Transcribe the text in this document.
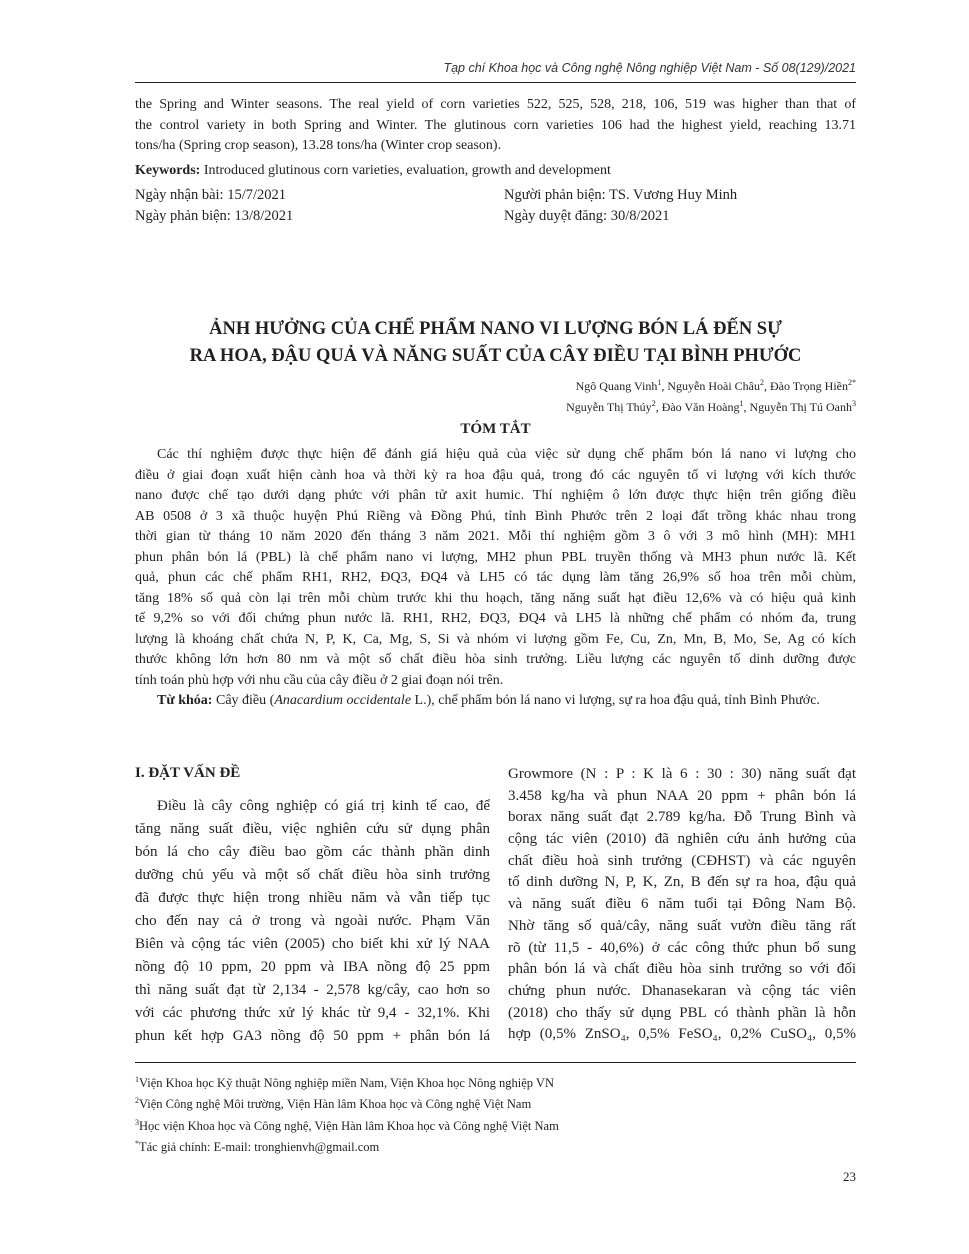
Tạp chí Khoa học và Công nghệ Nông nghiệp Việt Nam - Số 08(129)/2021
the Spring and Winter seasons. The real yield of corn varieties 522, 525, 528, 218, 106, 519 was higher than that of
the control variety in both Spring and Winter. The glutinous corn varieties 106 had the highest yield, reaching 13.71
tons/ha (Spring crop season), 13.28 tons/ha (Winter crop season).
Keywords: Introduced glutinous corn varieties, evaluation, growth and development
Ngày nhận bài: 15/7/2021
Ngày phản biện: 13/8/2021
Người phản biện: TS. Vương Huy Minh
Ngày duyệt đăng: 30/8/2021
ẢNH HƯỞNG CỦA CHẾ PHẨM NANO VI LƯỢNG BÓN LÁ ĐẾN SỰ
RA HOA, ĐẬU QUẢ VÀ NĂNG SUẤT CỦA CÂY ĐIỀU TẠI BÌNH PHƯỚC
Ngô Quang Vinh$^1$, Nguyễn Hoài Châu$^2$, Đào Trọng Hiền$^{2*}$
Nguyễn Thị Thúy$^2$, Đào Văn Hoàng$^1$, Nguyễn Thị Tú Oanh$^3$
TÓM TẮT
Các thí nghiệm được thực hiện để đánh giá hiệu quả của việc sử dụng chế phẩm bón lá nano vi lượng cho
điều ở giai đoạn xuất hiện cành hoa và thời kỳ ra hoa đậu quả, trong đó các nguyên tố vi lượng với kích thước
nano được chế tạo dưới dạng phức với phân tử axit humic. Thí nghiệm ô lớn được thực hiện trên giống điều
AB 0508 ở 3 xã thuộc huyện Phú Riềng và Đồng Phú, tỉnh Bình Phước trên 2 loại đất trồng khác nhau trong
thời gian từ tháng 10 năm 2020 đến tháng 3 năm 2021. Mỗi thí nghiệm gồm 3 ô với 3 mô hình (MH): MH1
phun phân bón lá (PBL) là chế phẩm nano vi lượng, MH2 phun PBL truyền thống và MH3 phun nước lã. Kết
quả, phun các chế phẩm RH1, RH2, ĐQ3, ĐQ4 và LH5 có tác dụng làm tăng 26,9% số hoa trên mỗi chùm,
tăng 18% số quả còn lại trên mỗi chùm trước khi thu hoạch, tăng năng suất hạt điều 12,6% và có hiệu quả kinh
tế 9,2% so với đối chứng phun nước lã. RH1, RH2, ĐQ3, ĐQ4 và LH5 là những chế phẩm có nhóm đa, trung
lượng là khoáng chất chứa N, P, K, Ca, Mg, S, Si và nhóm vi lượng gồm Fe, Cu, Zn, Mn, B, Mo, Se, Ag có kích
thước không lớn hơn 80 nm và một số chất điều hòa sinh trưởng. Liều lượng các nguyên tố dinh dưỡng được
tính toán phù hợp với nhu cầu của cây điều ở 2 giai đoạn nói trên.
Từ khóa: Cây điều (Anacardium occidentale L.), chế phẩm bón lá nano vi lượng, sự ra hoa đậu quả, tỉnh Bình Phước.
I. ĐẶT VẤN ĐỀ
Điều là cây công nghiệp có giá trị kinh tế cao, để
tăng năng suất điều, việc nghiên cứu sử dụng phân
bón lá cho cây điều bao gồm các thành phần dinh
dưỡng chủ yếu và một số chất điều hòa sinh trưởng
đã được thực hiện trong nhiều năm và vẫn tiếp tục
cho đến nay cả ở trong và ngoài nước. Phạm Văn
Biên và cộng tác viên (2005) cho biết khi xử lý NAA
nồng độ 10 ppm, 20 ppm và IBA nồng độ 25 ppm
thì năng suất đạt từ 2,134 - 2,578 kg/cây, cao hơn so
với các phương thức xử lý khác từ 9,4 - 32,1%. Khi
phun kết hợp GA3 nồng độ 50 ppm + phân bón lá
Growmore (N : P : K là 6 : 30 : 30) năng suất đạt
3.458 kg/ha và phun NAA 20 ppm + phân bón lá
borax năng suất đạt 2.789 kg/ha. Đỗ Trung Bình và
cộng tác viên (2010) đã nghiên cứu ảnh hưởng của
chất điều hoà sinh trưởng (CĐHST) và các nguyên
tố dinh dưỡng N, P, K, Zn, B đến sự ra hoa, đậu quả
và năng suất điều 6 năm tuổi tại Đông Nam Bộ.
Nhờ tăng số quả/cây, năng suất vườn điều tăng rất
rõ (từ 11,5 - 40,6%) ở các công thức phun bổ sung
phân bón lá và chất điều hòa sinh trưởng so với đối
chứng phun nước. Dhanasekaran và cộng tác viên
(2018) cho thấy sử dụng PBL có thành phần là hỗn
hợp (0,5% ZnSO₄, 0,5% FeSO₄, 0,2% CuSO₄, 0,5%
$^1$Viện Khoa học Kỹ thuật Nông nghiệp miền Nam, Viện Khoa học Nông nghiệp VN
$^2$Viện Công nghệ Môi trường, Viện Hàn lâm Khoa học và Công nghệ Việt Nam
$^3$Học viện Khoa học và Công nghệ, Viện Hàn lâm Khoa học và Công nghệ Việt Nam
*Tác giả chính: E-mail: tronghienvh@gmail.com
23
